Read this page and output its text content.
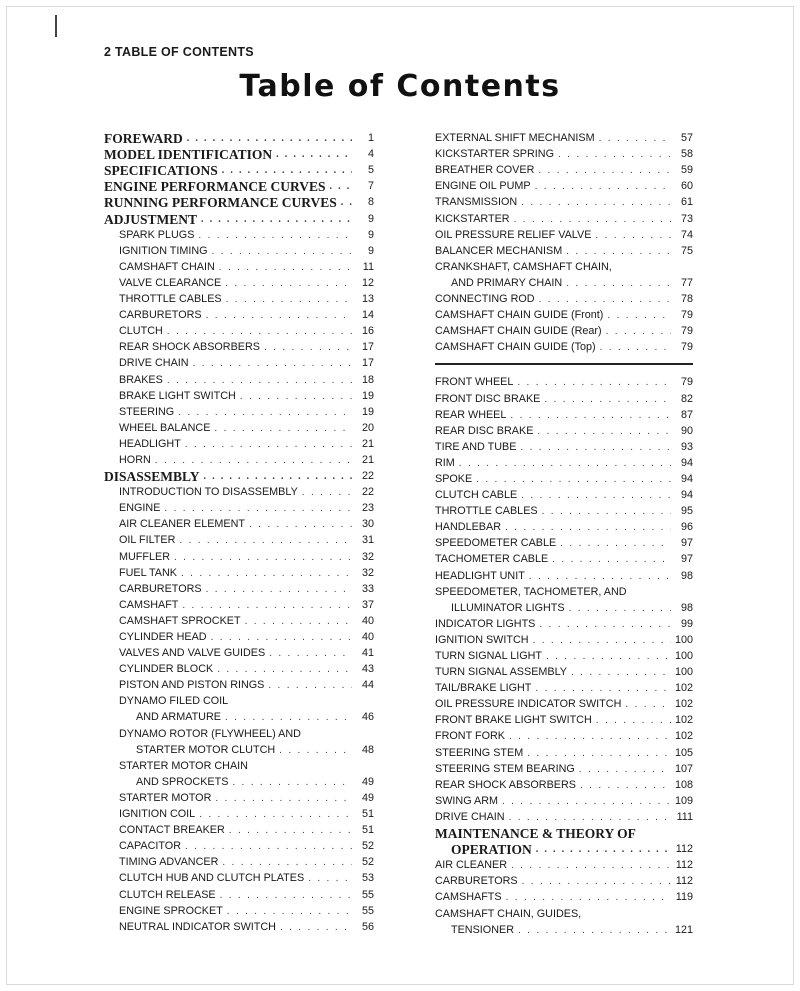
2 TABLE OF CONTENTS
Table of Contents
FOREWARD . . .	1
MODEL IDENTIFICATION . . .	4
SPECIFICATIONS . . .	5
ENGINE PERFORMANCE CURVES . . .	7
RUNNING PERFORMANCE CURVES . . .	8
ADJUSTMENT . . .	9
SPARK PLUGS . . .	9
IGNITION TIMING . . .	9
CAMSHAFT CHAIN . . .	11
VALVE CLEARANCE . . .	12
THROTTLE CABLES . . .	13
CARBURETORS . . .	14
CLUTCH . . .	16
REAR SHOCK ABSORBERS . . .	17
DRIVE CHAIN . . .	17
BRAKES . . .	18
BRAKE LIGHT SWITCH . . .	19
STEERING . . .	19
WHEEL BALANCE . . .	20
HEADLIGHT . . .	21
HORN . . .	21
DISASSEMBLY . . .	22
INTRODUCTION TO DISASSEMBLY . . .	22
ENGINE . . .	23
AIR CLEANER ELEMENT . . .	30
OIL FILTER . . .	31
MUFFLER . . .	32
FUEL TANK . . .	32
CARBURETORS . . .	33
CAMSHAFT . . .	37
CAMSHAFT SPROCKET . . .	40
CYLINDER HEAD . . .	40
VALVES AND VALVE GUIDES . . .	41
CYLINDER BLOCK . . .	43
PISTON AND PISTON RINGS . . .	44
DYNAMO FILED COIL
AND ARMATURE . . .	46
DYNAMO ROTOR (FLYWHEEL) AND
STARTER MOTOR CLUTCH . . .	48
STARTER MOTOR CHAIN
AND SPROCKETS . . .	49
STARTER MOTOR . . .	49
IGNITION COIL . . .	51
CONTACT BREAKER . . .	51
CAPACITOR . . .	52
TIMING ADVANCER . . .	52
CLUTCH HUB AND CLUTCH PLATES . . .	53
CLUTCH RELEASE . . .	55
ENGINE SPROCKET . . .	55
NEUTRAL INDICATOR SWITCH . . .	56
EXTERNAL SHIFT MECHANISM . . .	57
KICKSTARTER SPRING . . .	58
BREATHER COVER . . .	59
ENGINE OIL PUMP . . .	60
TRANSMISSION . . .	61
KICKSTARTER . . .	73
OIL PRESSURE RELIEF VALVE . . .	74
BALANCER MECHANISM . . .	75
CRANKSHAFT, CAMSHAFT CHAIN,
AND PRIMARY CHAIN . . .	77
CONNECTING ROD . . .	78
CAMSHAFT CHAIN GUIDE (Front) . . .	79
CAMSHAFT CHAIN GUIDE (Rear) . . .	79
CAMSHAFT CHAIN GUIDE (Top) . . .	79
FRONT WHEEL . . .	79
FRONT DISC BRAKE . . .	82
REAR WHEEL . . .	87
REAR DISC BRAKE . . .	90
TIRE AND TUBE . . .	93
RIM . . .	94
SPOKE . . .	94
CLUTCH CABLE . . .	94
THROTTLE CABLES . . .	95
HANDLEBAR . . .	96
SPEEDOMETER CABLE . . .	97
TACHOMETER CABLE . . .	97
HEADLIGHT UNIT . . .	98
SPEEDOMETER, TACHOMETER, AND
ILLUMINATOR LIGHTS . . .	98
INDICATOR LIGHTS . . .	99
IGNITION SWITCH . . .	100
TURN SIGNAL LIGHT . . .	100
TURN SIGNAL ASSEMBLY . . .	100
TAIL/BRAKE LIGHT . . .	102
OIL PRESSURE INDICATOR SWITCH . . .	102
FRONT BRAKE LIGHT SWITCH . . .	102
FRONT FORK . . .	102
STEERING STEM . . .	105
STEERING STEM BEARING . . .	107
REAR SHOCK ABSORBERS . . .	108
SWING ARM . . .	109
DRIVE CHAIN . . .	111
MAINTENANCE & THEORY OF
OPERATION . . .	112
AIR CLEANER . . .	112
CARBURETORS . . .	112
CAMSHAFTS . . .	119
CAMSHAFT CHAIN, GUIDES,
TENSIONER . . .	121
